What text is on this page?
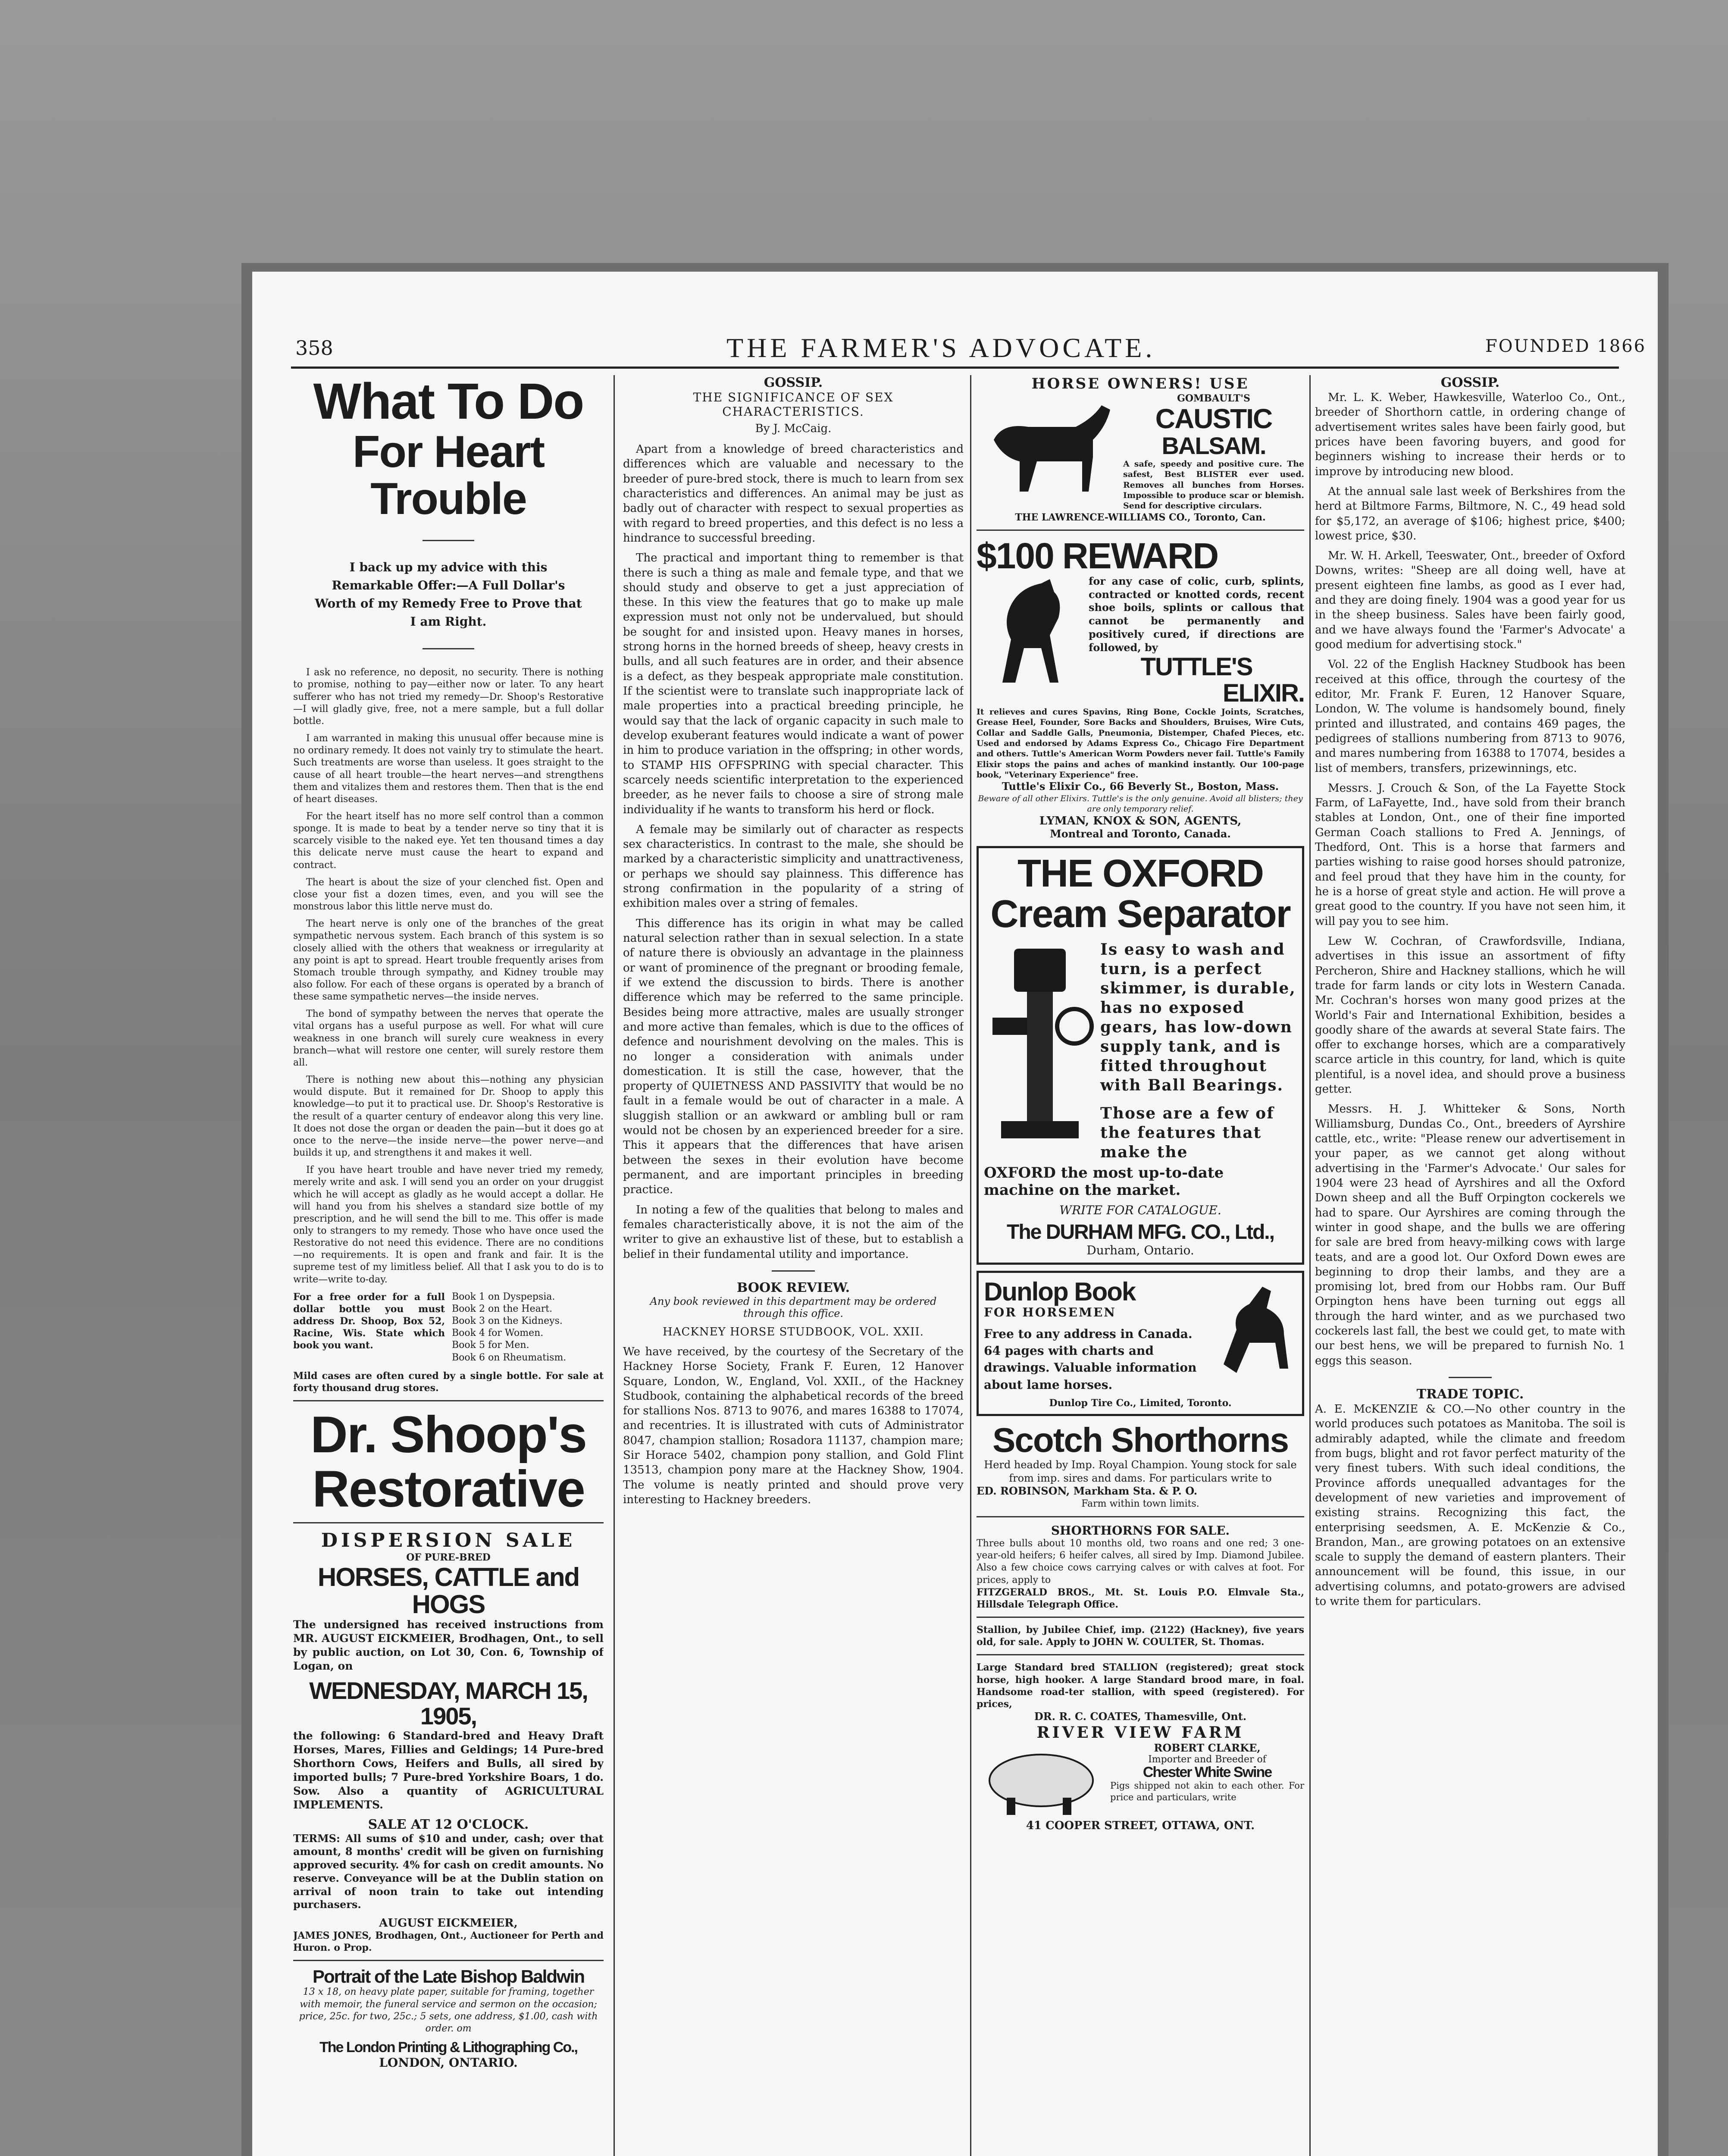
358	THE FARMER'S ADVOCATE.	FOUNDED 1866
What To Do
For Heart Trouble
I back up my advice with this Remarkable Offer:—A Full Dollar's Worth of my Remedy Free to Prove that I am Right.

I ask no reference, no deposit, no security. There is nothing to promise, nothing to pay—either now or later. To any heart sufferer who has not tried my remedy—Dr. Shoop's Restorative—I will gladly give, free, not a mere sample, but a full dollar bottle.

I am warranted in making this unusual offer because mine is no ordinary remedy. It does not vainly try to stimulate the heart. Such treatments are worse than useless. It goes straight to the cause of all heart trouble—the heart nerves—and strengthens them and vitalizes them and restores them. Then that is the end of heart diseases.

For the heart itself has no more self control than a common sponge. It is made to beat by a tender nerve so tiny that it is scarcely visible to the naked eye. Yet ten thousand times a day this delicate nerve must cause the heart to expand and contract.

The heart is about the size of your clenched fist. Open and close your fist a dozen times, even, and you will see the monstrous labor this little nerve must do.

The heart nerve is only one of the branches of the great sympathetic nervous system. Each branch of this system is so closely allied with the others that weakness or irregularity at any point is apt to spread. Heart trouble frequently arises from Stomach trouble through sympathy, and Kidney trouble may also follow. For each of these organs is operated by a branch of these same sympathetic nerves—the inside nerves.

The bond of sympathy between the nerves that operate the vital organs has a useful purpose as well. For what will cure weakness in one branch will surely cure weakness in every branch—what will restore one center, will surely restore them all.

There is nothing new about this—nothing any physician would dispute. But it remained for Dr. Shoop to apply this knowledge—to put it to practical use. Dr. Shoop's Restorative is the result of a quarter century of endeavor along this very line. It does not dose the organ or deaden the pain—but it does go at once to the nerve—the inside nerve—the power nerve—and builds it up, and strengthens it and makes it well.

If you have heart trouble and have never tried my remedy, merely write and ask. I will send you an order on your druggist which he will accept as gladly as he would accept a dollar. He will hand you from his shelves a standard size bottle of my prescription, and he will send the bill to me. This offer is made only to strangers to my remedy. Those who have once used the Restorative do not need this evidence. There are no conditions—no requirements. It is open and frank and fair. It is the supreme test of my limitless belief. All that I ask you to do is to write—write to-day.

For a free order for a full dollar bottle you must address Dr. Shoop, Box 52, Racine, Wis. State which book you want.
Book 1 on Dyspepsia.
Book 2 on the Heart.
Book 3 on the Kidneys.
Book 4 for Women.
Book 5 for Men.
Book 6 on Rheumatism.

Mild cases are often cured by a single bottle. For sale at forty thousand drug stores.

Dr. Shoop's
Restorative
DISPERSION SALE
OF PURE-BRED
HORSES, CATTLE and HOGS

The undersigned has received instructions from MR. AUGUST EICKMEIER, Brodhagen, Ont., to sell by public auction, on Lot 30, Con. 6, Township of Logan, on

WEDNESDAY, MARCH 15, 1905,

the following: 6 Standard-bred and Heavy Draft Horses, Mares, Fillies and Geldings; 14 Pure-bred Shorthorn Cows, Heifers and Bulls, all sired by imported bulls; 7 Pure-bred Yorkshire Boars, 1 do. Sow. Also a quantity of AGRICULTURAL IMPLEMENTS.

SALE AT 12 O'CLOCK.

TERMS: All sums of $10 and under, cash; over that amount, 8 months' credit will be given on furnishing approved security. 4% for cash on credit amounts. No reserve. Conveyance will be at the Dublin station on arrival of noon train to take out intending purchasers.

AUGUST EICKMEIER,
JAMES JONES, Brodhagen, Ont., Auctioneer for Perth and Huron. o Prop.
Portrait of the Late Bishop Baldwin

13 x 18, on heavy plate paper, suitable for framing, together with memoir, the funeral service and sermon on the occasion; price, 25c. for two, 25c.; 5 sets, one address, $1.00, cash with order. om

The London Printing & Lithographing Co.,
LONDON, ONTARIO.
GOSSIP.
THE SIGNIFICANCE OF SEX CHARACTERISTICS.
By J. McCaig.

Apart from a knowledge of breed characteristics and differences which are valuable and necessary to the breeder of pure-bred stock, there is much to learn from sex characteristics and differences. An animal may be just as badly out of character with respect to sexual properties as with regard to breed properties, and this defect is no less a hindrance to successful breeding.

The practical and important thing to remember is that there is such a thing as male and female type, and that we should study and observe to get a just appreciation of these. In this view the features that go to make up male expression must not only not be undervalued, but should be sought for and insisted upon. Heavy manes in horses, strong horns in the horned breeds of sheep, heavy crests in bulls, and all such features are in order, and their absence is a defect, as they bespeak appropriate male constitution. If the scientist were to translate such inappropriate lack of male properties into a practical breeding principle, he would say that the lack of organic capacity in such male to develop exuberant features would indicate a want of power in him to produce variation in the offspring; in other words, to STAMP HIS OFFSPRING with special character. This scarcely needs scientific interpretation to the experienced breeder, as he never fails to choose a sire of strong male individuality if he wants to transform his herd or flock.

A female may be similarly out of character as respects sex characteristics. In contrast to the male, she should be marked by a characteristic simplicity and unattractiveness, or perhaps we should say plainness. This difference has strong confirmation in the popularity of a string of exhibition males over a string of females.

This difference has its origin in what may be called natural selection rather than in sexual selection. In a state of nature there is obviously an advantage in the plainness or want of prominence of the pregnant or brooding female, if we extend the discussion to birds. There is another difference which may be referred to the same principle. Besides being more attractive, males are usually stronger and more active than females, which is due to the offices of defence and nourishment devolving on the males. This is no longer a consideration with animals under domestication. It is still the case, however, that the property of QUIETNESS AND PASSIVITY that would be no fault in a female would be out of character in a male. A sluggish stallion or an awkward or ambling bull or ram would not be chosen by an experienced breeder for a sire. This it appears that the differences that have arisen between the sexes in their evolution have become permanent, and are important principles in breeding practice.

In noting a few of the qualities that belong to males and females characteristically above, it is not the aim of the writer to give an exhaustive list of these, but to establish a belief in their fundamental utility and importance.

BOOK REVIEW.
Any book reviewed in this department may be ordered through this office.
HACKNEY HORSE STUDBOOK, VOL. XXII.

We have received, by the courtesy of the Secretary of the Hackney Horse Society, Frank F. Euren, 12 Hanover Square, London, W., England, Vol. XXII., of the Hackney Studbook, containing the alphabetical records of the breed for stallions Nos. 8713 to 9076, and mares 16388 to 17074, and recentries. It is illustrated with cuts of Administrator 8047, champion stallion; Rosadora 11137, champion mare; Sir Horace 5402, champion pony stallion, and Gold Flint 13513, champion pony mare at the Hackney Show, 1904. The volume is neatly printed and should prove very interesting to Hackney breeders.

HORSE OWNERS! USE
GOMBAULT'S
CAUSTIC
BALSAM.
A safe, speedy and positive cure. The safest, Best BLISTER ever used. Removes all bunches from Horses. Impossible to produce scar or blemish. Send for descriptive circulars.
THE LAWRENCE-WILLIAMS CO., Toronto, Can.
$100 REWARD
for any case of colic, curb, splints, contracted or knotted cords, recent shoe boils, splints or callous that cannot be permanently and positively cured, if directions are followed, by
TUTTLE'S
ELIXIR.
It relieves and cures Spavins, Ring Bone, Cockle Joints, Scratches, Grease Heel, Founder, Sore Backs and Shoulders, Bruises, Wire Cuts, Collar and Saddle Galls, Pneumonia, Distemper, Chafed Pieces, etc. Used and endorsed by Adams Express Co., Chicago Fire Department and others. Tuttle's American Worm Powders never fail. Tuttle's Family Elixir stops the pains and aches of mankind instantly. Our 100-page book, "Veterinary Experience" free.
Tuttle's Elixir Co., 66 Beverly St., Boston, Mass.
Beware of all other Elixirs. Tuttle's is the only genuine. Avoid all blisters; they are only temporary relief.
LYMAN, KNOX & SON, AGENTS,
Montreal and Toronto, Canada.
THE OXFORD
Cream Separator
Is easy to wash and turn, is a perfect skimmer, is durable, has no exposed gears, has low-down supply tank, and is fitted throughout with Ball Bearings.
Those are a few of the features that make the
OXFORD the most up-to-date machine on the market.
WRITE FOR CATALOGUE.
The DURHAM MFG. CO., Ltd.,
Durham, Ontario.
Dunlop Book
FOR HORSEMEN
Free to any address in Canada. 64 pages with charts and drawings. Valuable information about lame horses.
Dunlop Tire Co., Limited, Toronto.
Scotch Shorthorns
Herd headed by Imp. Royal Champion. Young stock for sale from imp. sires and dams. For particulars write to
ED. ROBINSON, Markham Sta. & P. O.
Farm within town limits.
SHORTHORNS FOR SALE.
Three bulls about 10 months old, two roans and one red; 3 one-year-old heifers; 6 heifer calves, all sired by Imp. Diamond Jubilee. Also a few choice cows carrying calves or with calves at foot. For prices, apply to
FITZGERALD BROS., Mt. St. Louis P.O. Elmvale Sta., Hillsdale Telegraph Office.
Stallion, by Jubilee Chief, imp. (2122) (Hackney), five years old, for sale. Apply to JOHN W. COULTER, St. Thomas.
Large Standard bred STALLION (registered); great stock horse, high hooker. A large Standard brood mare, in foal. Handsome road-ter stallion, with speed (registered). For prices,
DR. R. C. COATES, Thamesville, Ont.
RIVER VIEW FARM
ROBERT CLARKE,
Importer and Breeder of
Chester White Swine
Pigs shipped not akin to each other. For price and particulars, write
41 COOPER STREET, OTTAWA, ONT.
GOSSIP.

Mr. L. K. Weber, Hawkesville, Waterloo Co., Ont., breeder of Shorthorn cattle, in ordering change of advertisement writes sales have been fairly good, but prices have been favoring buyers, and good for beginners wishing to increase their herds or to improve by introducing new blood.

At the annual sale last week of Berkshires from the herd at Biltmore Farms, Biltmore, N. C., 49 head sold for $5,172, an average of $106; highest price, $400; lowest price, $30.

Mr. W. H. Arkell, Teeswater, Ont., breeder of Oxford Downs, writes: "Sheep are all doing well, have at present eighteen fine lambs, as good as I ever had, and they are doing finely. 1904 was a good year for us in the sheep business. Sales have been fairly good, and we have always found the 'Farmer's Advocate' a good medium for advertising stock."

Vol. 22 of the English Hackney Studbook has been received at this office, through the courtesy of the editor, Mr. Frank F. Euren, 12 Hanover Square, London, W. The volume is handsomely bound, finely printed and illustrated, and contains 469 pages, the pedigrees of stallions numbering from 8713 to 9076, and mares numbering from 16388 to 17074, besides a list of members, transfers, prizewinnings, etc.

Messrs. J. Crouch & Son, of the La Fayette Stock Farm, of LaFayette, Ind., have sold from their branch stables at London, Ont., one of their fine imported German Coach stallions to Fred A. Jennings, of Thedford, Ont. This is a horse that farmers and parties wishing to raise good horses should patronize, and feel proud that they have him in the county, for he is a horse of great style and action. He will prove a great good to the country. If you have not seen him, it will pay you to see him.

Lew W. Cochran, of Crawfordsville, Indiana, advertises in this issue an assortment of fifty Percheron, Shire and Hackney stallions, which he will trade for farm lands or city lots in Western Canada. Mr. Cochran's horses won many good prizes at the World's Fair and International Exhibition, besides a goodly share of the awards at several State fairs. The offer to exchange horses, which are a comparatively scarce article in this country, for land, which is quite plentiful, is a novel idea, and should prove a business getter.

Messrs. H. J. Whitteker & Sons, North Williamsburg, Dundas Co., Ont., breeders of Ayrshire cattle, etc., write: "Please renew our advertisement in your paper, as we cannot get along without advertising in the 'Farmer's Advocate.' Our sales for 1904 were 23 head of Ayrshires and all the Oxford Down sheep and all the Buff Orpington cockerels we had to spare. Our Ayrshires are coming through the winter in good shape, and the bulls we are offering for sale are bred from heavy-milking cows with large teats, and are a good lot. Our Oxford Down ewes are beginning to drop their lambs, and they are a promising lot, bred from our Hobbs ram. Our Buff Orpington hens have been turning out eggs all through the hard winter, and as we purchased two cockerels last fall, the best we could get, to mate with our best hens, we will be prepared to furnish No. 1 eggs this season.

TRADE TOPIC.

A. E. McKENZIE & CO.—No other country in the world produces such potatoes as Manitoba. The soil is admirably adapted, while the climate and freedom from bugs, blight and rot favor perfect maturity of the very finest tubers. With such ideal conditions, the Province affords unequalled advantages for the development of new varieties and improvement of existing strains. Recognizing this fact, the enterprising seedsmen, A. E. McKenzie & Co., Brandon, Man., are growing potatoes on an extensive scale to supply the demand of eastern planters. Their announcement will be found, this issue, in our advertising columns, and potato-growers are advised to write them for particulars.
